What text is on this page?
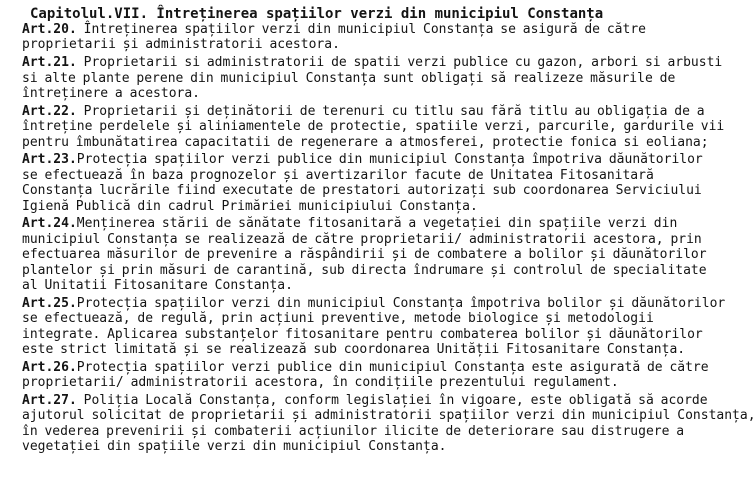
Capitolul.VII. Întreținerea spațiilor verzi din municipiul Constanța
Art.20. Întreținerea spațiilor verzi din municipiul Constanța se asigură de către
proprietarii și administratorii acestora.
Art.21. Proprietarii si administratorii de spatii verzi publice cu gazon, arbori si arbusti
si alte plante perene din municipiul Constanța sunt obligați să realizeze măsurile de
întreținere a acestora.
Art.22. Proprietarii și deținătorii de terenuri cu titlu sau fără titlu au obligația de a
întreține perdelele și aliniamentele de protectie, spatiile verzi, parcurile, gardurile vii
pentru îmbunătatirea capacitatii de regenerare a atmosferei, protectie fonica si eoliana;
Art.23.Protecția spațiilor verzi publice din municipiul Constanța împotriva dăunătorilor
se efectuează în baza prognozelor și avertizarilor facute de Unitatea Fitosanitară
Constanța lucrările fiind executate de prestatori autorizați sub coordonarea Serviciului
Igienă Publică din cadrul Primăriei municipiului Constanța.
Art.24.Menținerea stării de sănătate fitosanitară a vegetației din spațiile verzi din
municipiul Constanța se realizează de către proprietarii/ administratorii acestora, prin
efectuarea măsurilor de prevenire a răspândirii și de combatere a bolilor și dăunătorilor
plantelor și prin măsuri de carantină, sub directa îndrumare și controlul de specialitate
al Unitatii Fitosanitare Constanța.
Art.25.Protecția spațiilor verzi din municipiul Constanța împotriva bolilor și dăunătorilor
se efectuează, de regulă, prin acțiuni preventive, metode biologice și metodologii
integrate. Aplicarea substanțelor fitosanitare pentru combaterea bolilor și dăunătorilor
este strict limitată și se realizează sub coordonarea Unității Fitosanitare Constanța.
Art.26.Protecția spațiilor verzi publice din municipiul Constanța este asigurată de către
proprietarii/ administratorii acestora, în condițiile prezentului regulament.
Art.27. Poliția Locală Constanța, conform legislației în vigoare, este obligată să acorde
ajutorul solicitat de proprietarii și administratorii spațiilor verzi din municipiul Constanța,
în vederea prevenirii și combaterii acțiunilor ilicite de deteriorare sau distrugere a
vegetației din spațiile verzi din municipiul Constanța.
